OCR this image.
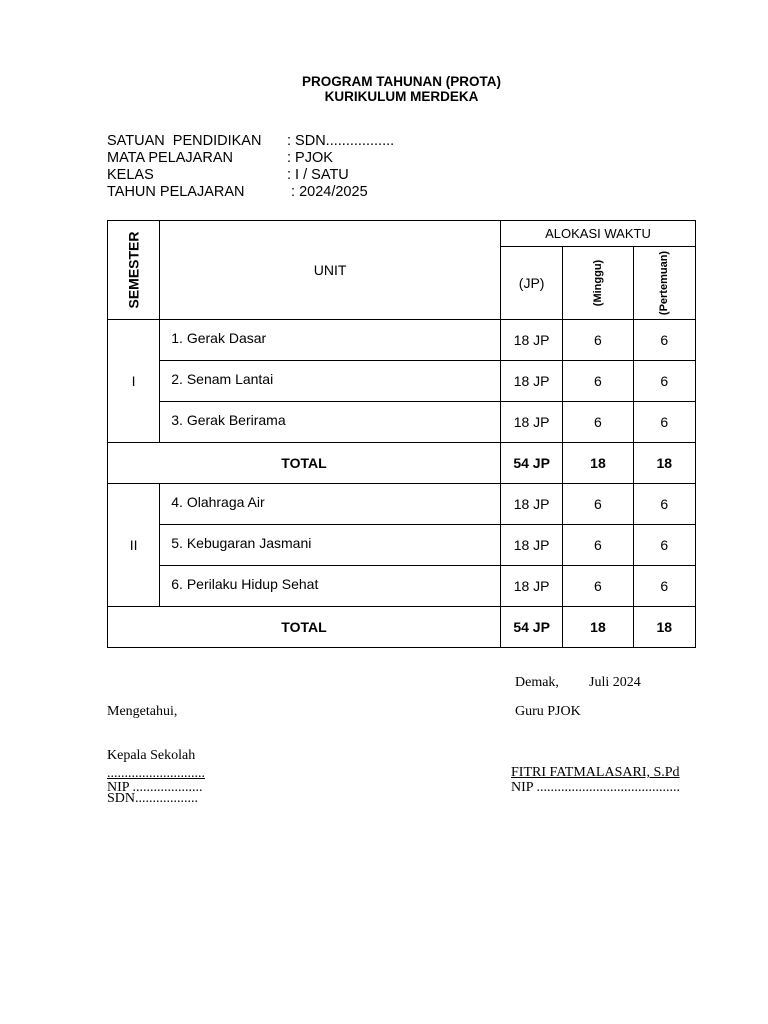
PROGRAM TAHUNAN (PROTA)
KURIKULUM MERDEKA
SATUAN  PENDIDIKAN	: SDN.................
MATA PELAJARAN	: PJOK
KELAS	: I / SATU
TAHUN PELAJARAN	: 2024/2025
SEMESTER	UNIT	ALOKASI WAKTU		
		(JP)	(Minggu)	(Pertemuan)

I	1. Gerak Dasar	18 JP	6	6

	2. Senam Lantai	18 JP	6	6

	3. Gerak Berirama	18 JP	6	6
TOTAL		54 JP	18	18
II	4. Olahraga Air	18 JP	6	6

	5. Kebugaran Jasmani	18 JP	6	6

	6. Perilaku Hidup Sehat	18 JP	6	6
TOTAL		54 JP	18	18

Mengetahui,

Kepala Sekolah

SDN..................

............................
NIP ....................
Demak, Juli 2024
Guru PJOK
FITRI FATMALASARI, S.Pd
NIP .........................................
